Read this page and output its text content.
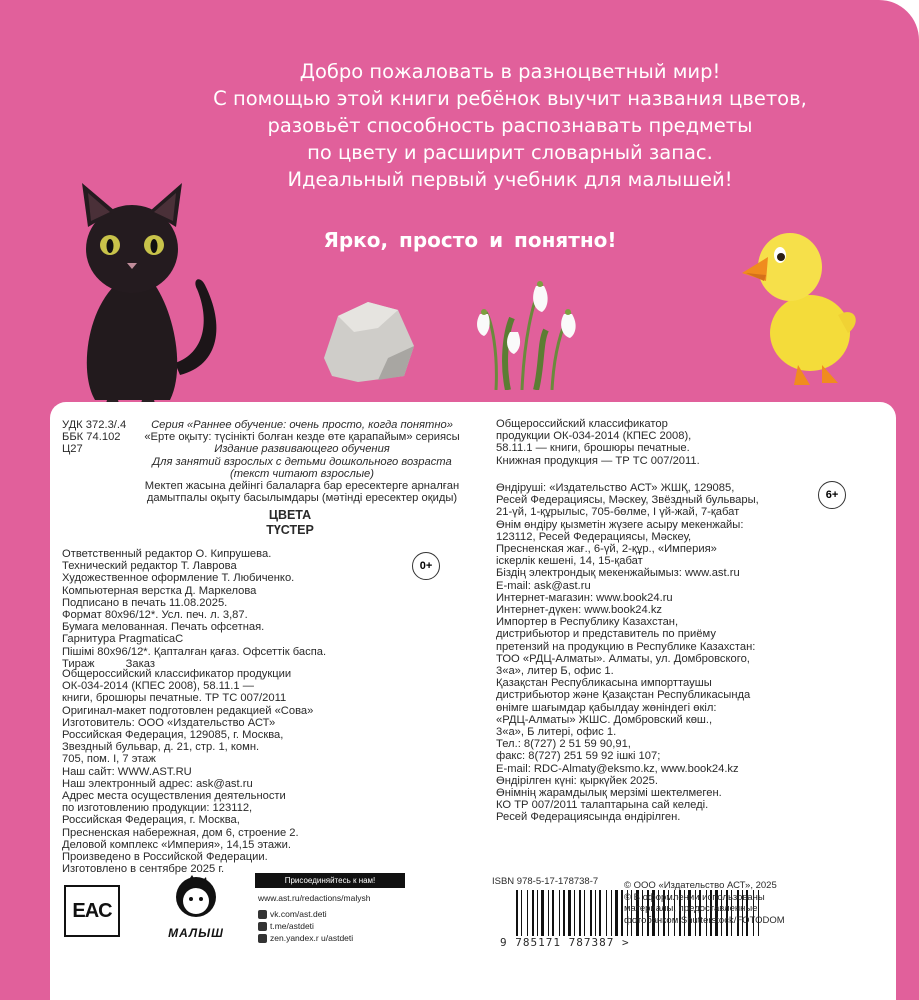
Добро пожаловать в разноцветный мир!
С помощью этой книги ребёнок выучит названия цветов,
разовьёт способность распознавать предметы
по цвету и расширит словарный запас.
Идеальный первый учебник для малышей!
Ярко, просто и понятно!
УДК 372.3/.4
ББК 74.102
Ц27
Серия «Раннее обучение: очень просто, когда понятно»
«Ерте оқыту: түсінікті болған кезде өте қарапайым» сериясы
Издание развивающего обучения
Для занятий взрослых с детьми дошкольного возраста
(текст читают взрослые)
Мектеп жасына дейінгі балаларға бар ересектерге арналған
дамытпалы оқыту басылымдары (мәтінді ересектер оқиды)
ЦВЕТА
ТҮСТЕР
0+
Ответственный редактор О. Кипрушева.
Технический редактор Т. Лаврова
Художественное оформление Т. Любиченко.
Компьютерная верстка Д. Маркелова
Подписано в печать 11.08.2025.
Формат 80х96/12*. Усл. печ. л. 3,87.
Бумага мелованная. Печать офсетная.
Гарнитура PragmaticaC
Пішімі 80х96/12*. Қапталған қағаз. Офсеттік баспа.
Тираж          Заказ
Общероссийский классификатор продукции
ОК-034-2014 (КПЕС 2008), 58.11.1 —
книги, брошюры печатные. ТР ТС 007/2011
Оригинал-макет подготовлен редакцией «Сова»
Изготовитель: ООО «Издательство АСТ»
Российская Федерация, 129085, г. Москва,
Звездный бульвар, д. 21, стр. 1, комн.
705, пом. I, 7 этаж
Наш сайт: WWW.AST.RU
Наш электронный адрес: ask@ast.ru
Адрес места осуществления деятельности
по изготовлению продукции: 123112,
Российская Федерация, г. Москва,
Пресненская набережная, дом 6, строение 2.
Деловой комплекс «Империя», 14,15 этажи.
Произведено в Российской Федерации.
Изготовлено в сентябре 2025 г.
Общероссийский классификатор
продукции ОК-034-2014 (КПЕС 2008),
58.11.1 — книги, брошюры печатные.
Книжная продукция — ТР ТС 007/2011.
6+
Өндіруші: «Издательство АСТ» ЖШҚ, 129085,
Ресей Федерациясы, Мәскеу, Звёздный бульвары,
21-үй, 1-құрылыс, 705-бөлме, I үй-жай, 7-қабат
Өнім өндіру қызметін жүзеге асыру мекенжайы:
123112, Ресей Федерациясы, Мәскеу,
Пресненская жағ., 6-үй, 2-құр., «Империя»
іскерлік кешені, 14, 15-қабат
Біздің электрондық мекенжайымыз: www.ast.ru
E-mail: ask@ast.ru
Интернет-магазин: www.book24.ru
Интернет-дүкен: www.book24.kz
Импортер в Республику Казахстан,
дистрибьютор и представитель по приёму
претензий на продукцию в Республике Казахстан:
ТОО «РДЦ-Алматы». Алматы, ул. Домбровского,
3«а», литер Б, офис 1.
Қазақстан Республикасына импорттаушы
дистрибьютор және Қазақстан Республикасында
өнімге шағымдар қабылдау жөніндегі өкіл:
«РДЦ-Алматы» ЖШС. Домбровский көш.,
3«а», Б литері, офис 1.
Тел.: 8(727) 2 51 59 90,91,
факс: 8(727) 251 59 92 ішкі 107;
E-mail: RDC-Almaty@eksmo.kz, www.book24.kz
Өндірілген күні: қыркүйек 2025.
Өнімнің жарамдылық мерзімі шектелмеген.
КО ТР 007/2011 талаптарына сай келеді.
Ресей Федерациясында өндірілген.
EAC
МАЛЫШ
Присоединяйтесь к нам!
www.ast.ru/redactions/malysh
vk.com/ast.deti
t.me/astdeti
zen.yandex.r u/astdeti
ISBN 978-5-17-178738-7
9 785171 787387 >
© ООО «Издательство АСТ», 2025
© В оформлении использованы
материалы, предоставленные
фотобанком Shutterstock/FOTODOM
